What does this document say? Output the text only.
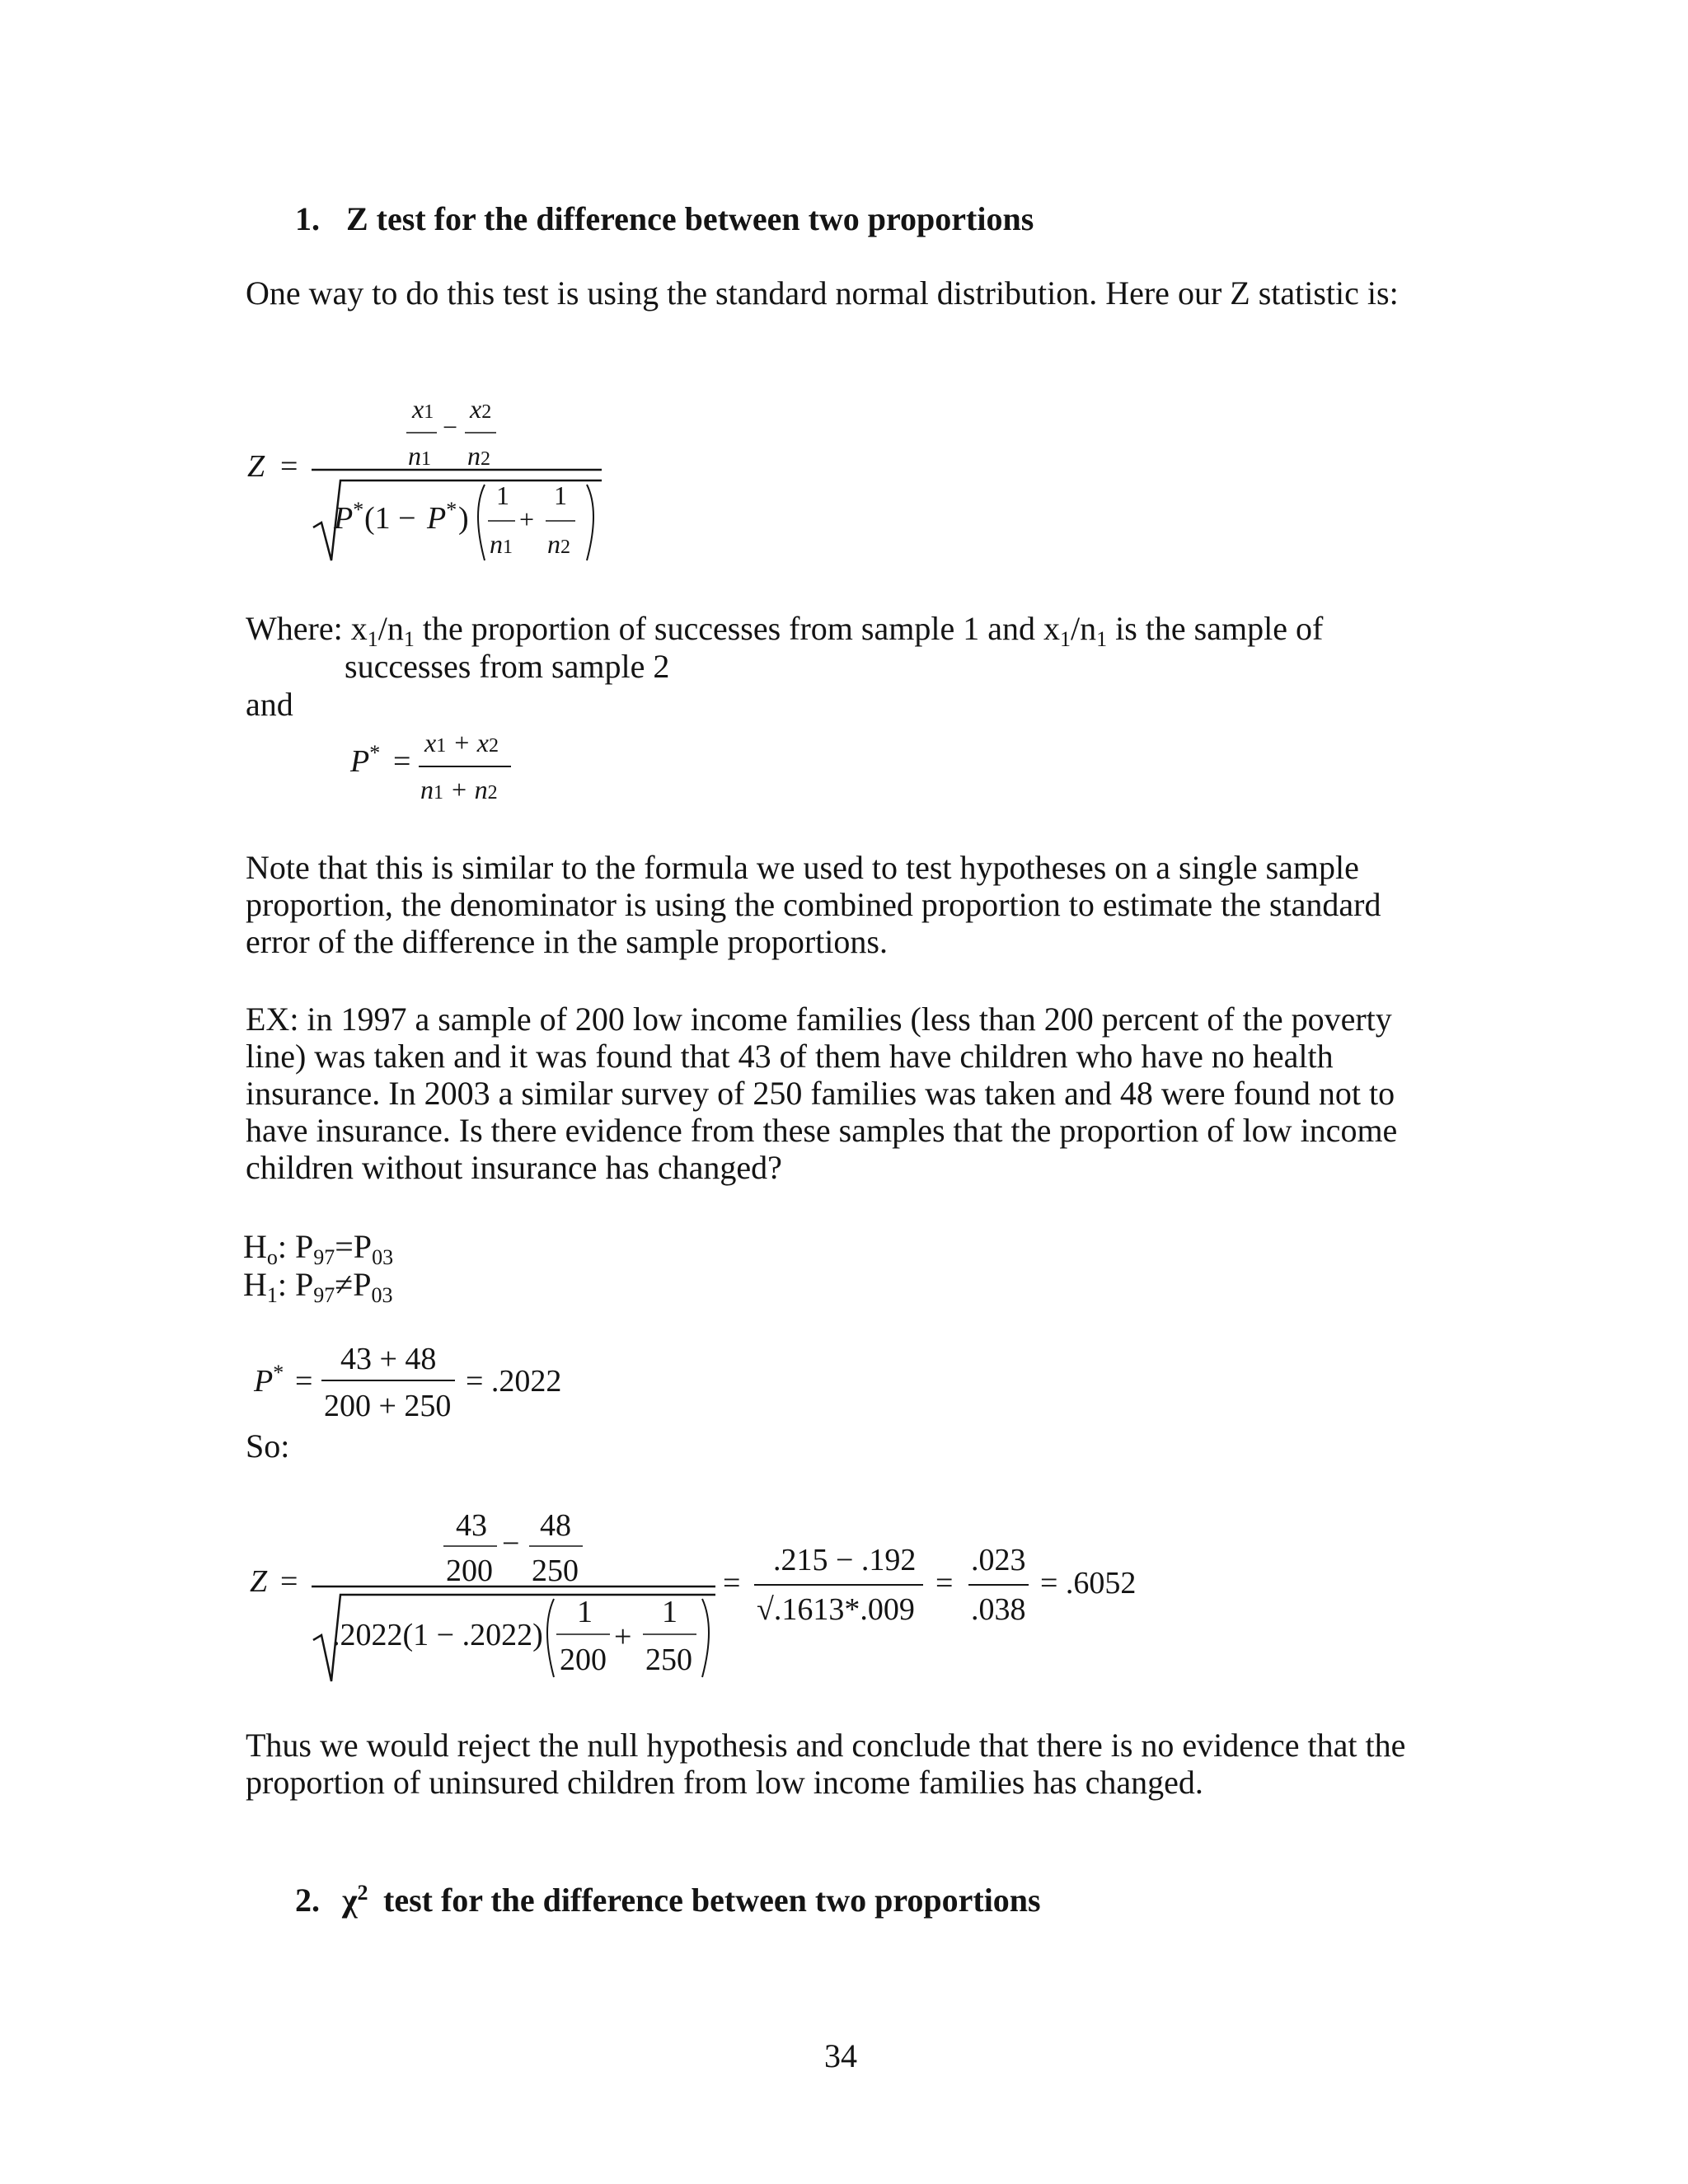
1. Z test for the difference between two proportions
One way to do this test is using the standard normal distribution. Here our Z statistic is:
Z =
x1 x2
−
n1 n2
P* (1 − P* )
1
n1
+
1
n2
Where: $x_1/n_1$ the proportion of successes from sample 1 and $x_1/n_1$ is the sample of
successes from sample 2
and
P* =
x1 + x2
n1 + n2
Note that this is similar to the formula we used to test hypotheses on a single sample proportion, the denominator is using the combined proportion to estimate the standard error of the difference in the sample proportions.
EX: in 1997 a sample of 200 low income families (less than 200 percent of the poverty line) was taken and it was found that 43 of them have children who have no health insurance. In 2003 a similar survey of 250 families was taken and 48 were found not to have insurance. Is there evidence from these samples that the proportion of low income children without insurance has changed?
$H_o$: $P_{97}=P_{03}$
$H_1$: $P_{97}\ne P_{03}$
P* =
43 + 48
200 + 250
= .2022
So:
Z =
43
200
−
48
250
.2022(1 − .2022)
1
200
+
1
250
=
.215 − .192
√.1613*.009
=
.023
.038
= .6052
Thus we would reject the null hypothesis and conclude that there is no evidence that the proportion of uninsured children from low income families has changed.
2. $\chi^2$ test for the difference between two proportions
34
